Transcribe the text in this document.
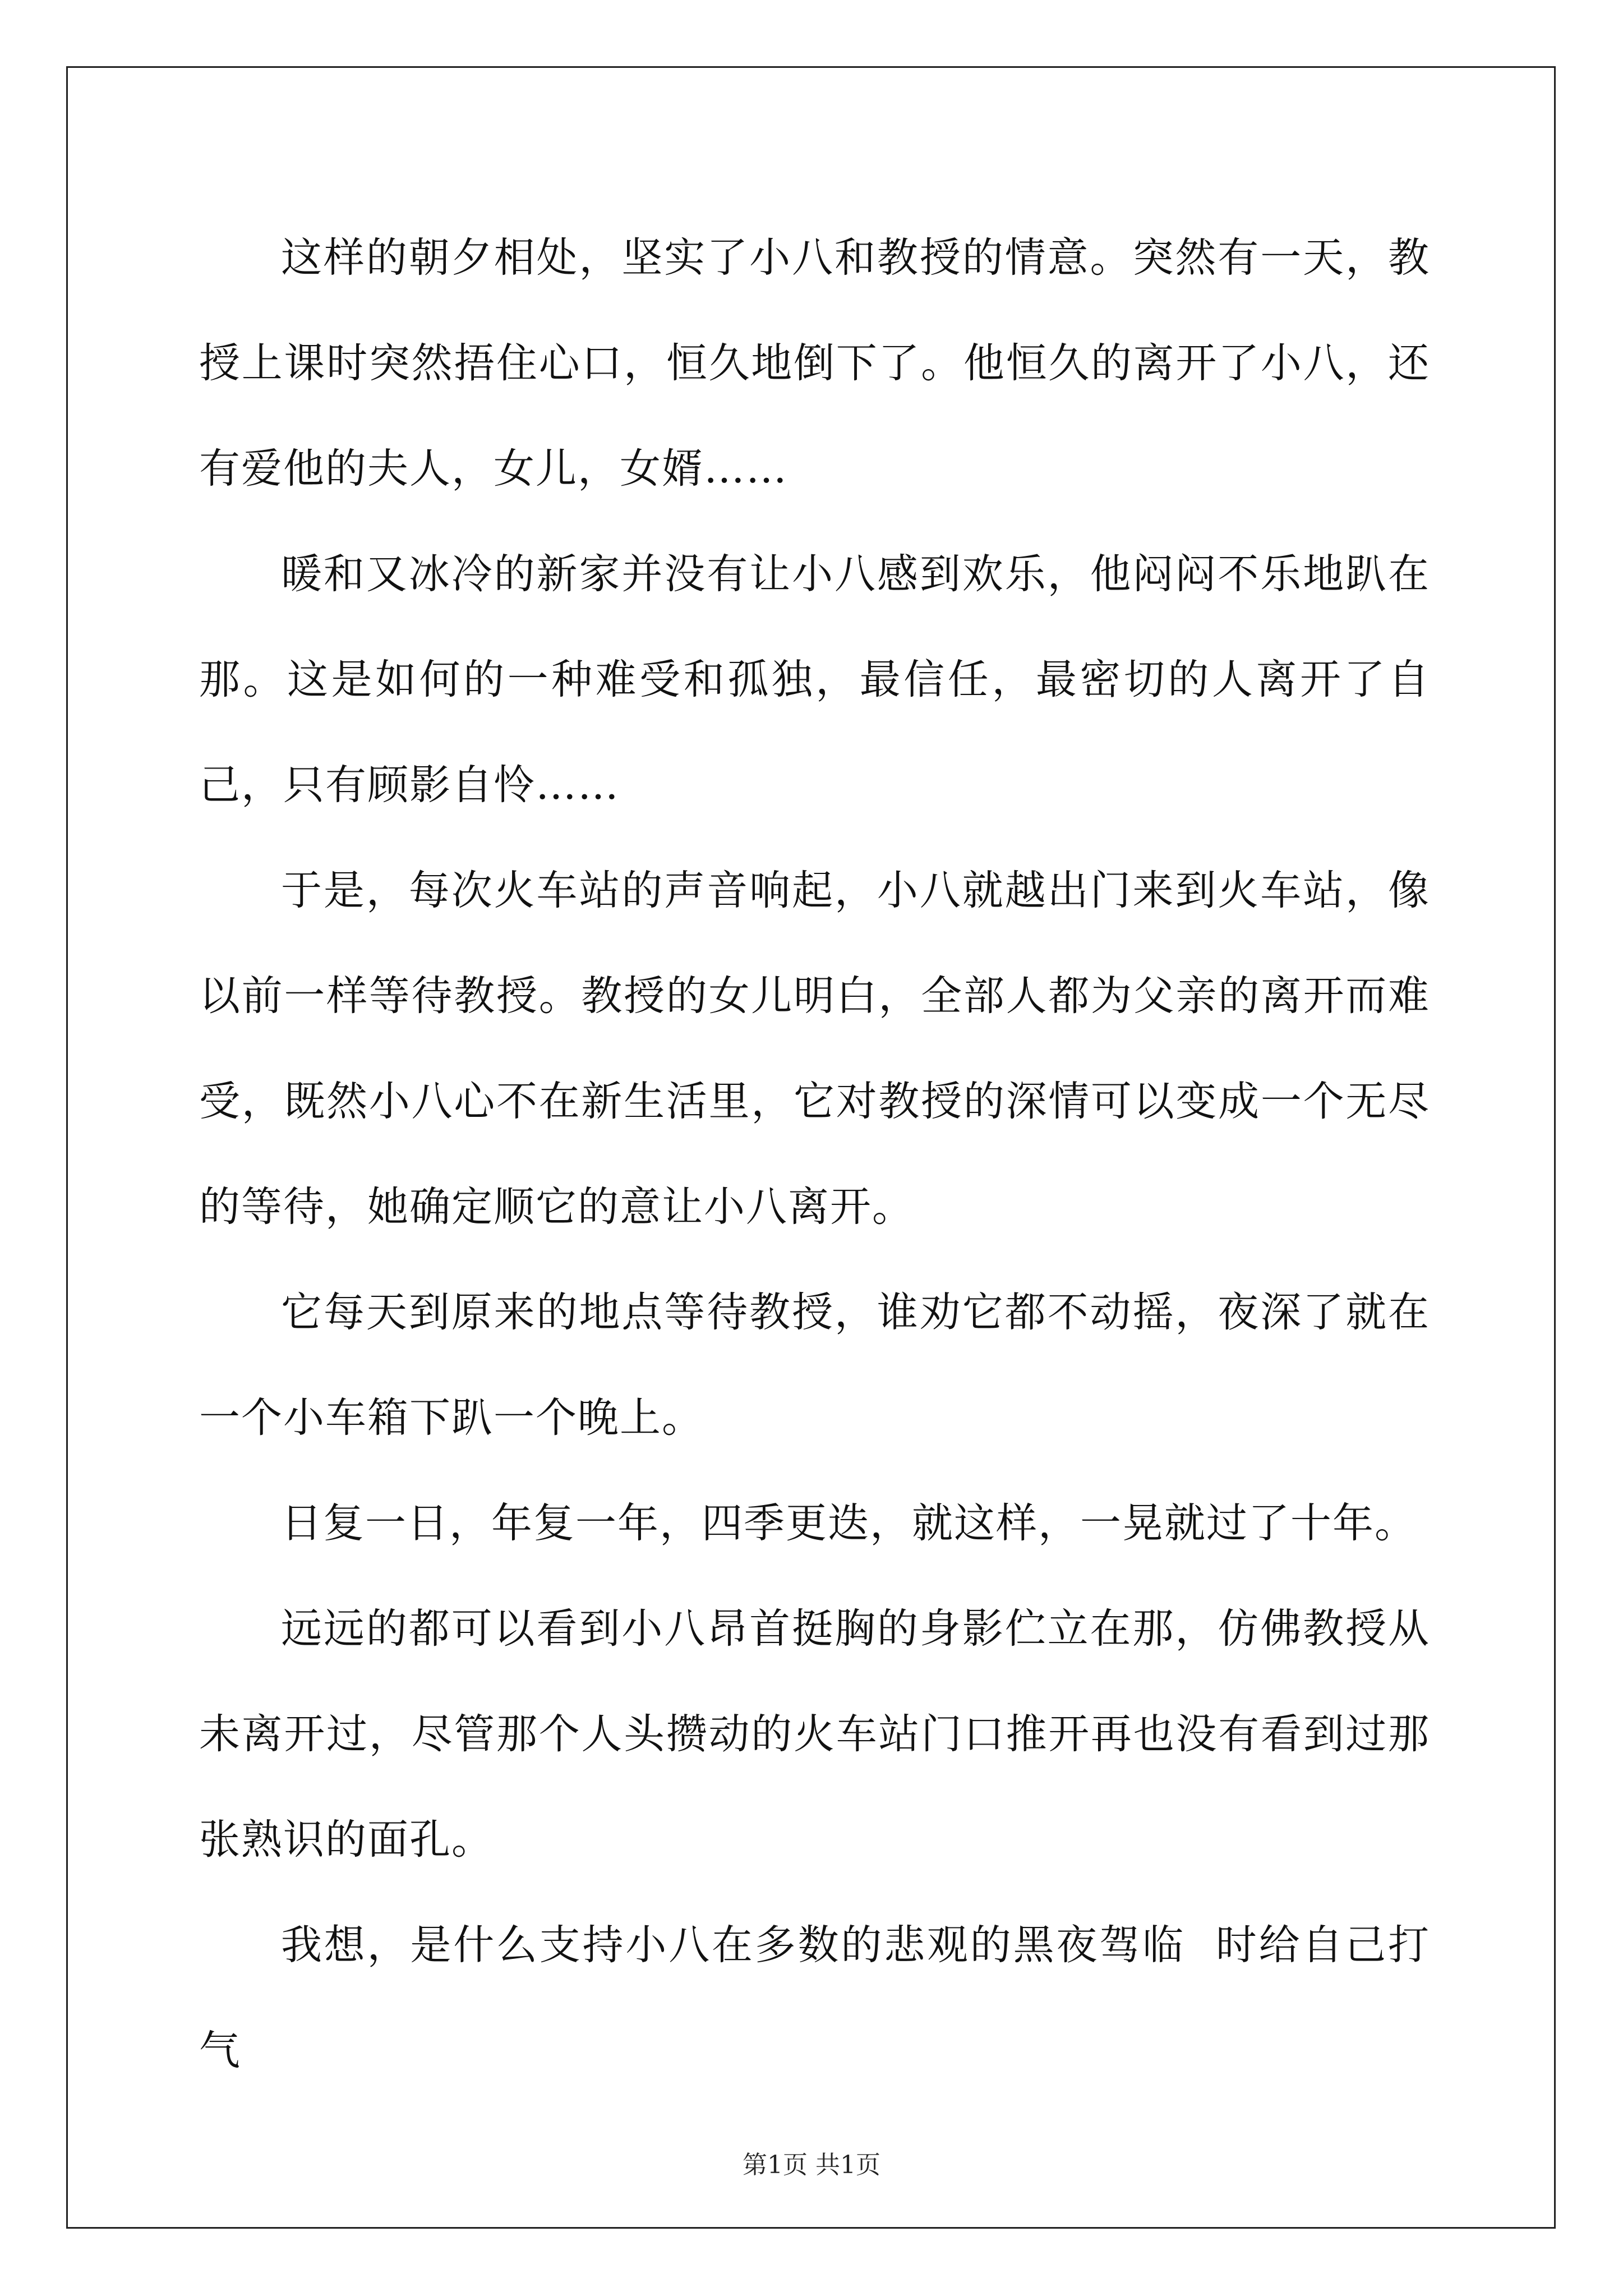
这样的朝夕相处，坚实了小八和教授的情意。突然有一天，教授上课时突然捂住心口，恒久地倒下了。他恒久的离开了小八，还有爱他的夫人，女儿，女婿……

暖和又冰冷的新家并没有让小八感到欢乐，他闷闷不乐地趴在那。这是如何的一种难受和孤独，最信任，最密切的人离开了自己，只有顾影自怜……

于是，每次火车站的声音响起，小八就越出门来到火车站，像以前一样等待教授。教授的女儿明白，全部人都为父亲的离开而难受，既然小八心不在新生活里，它对教授的深情可以变成一个无尽的等待，她确定顺它的意让小八离开。

它每天到原来的地点等待教授，谁劝它都不动摇，夜深了就在一个小车箱下趴一个晚上。

日复一日，年复一年，四季更迭，就这样，一晃就过了十年。

远远的都可以看到小八昂首挺胸的身影伫立在那，仿佛教授从未离开过，尽管那个人头攒动的火车站门口推开再也没有看到过那张熟识的面孔。

我想，是什么支持小八在多数的悲观的黑夜驾临  时给自己打气

第1页 共1页
